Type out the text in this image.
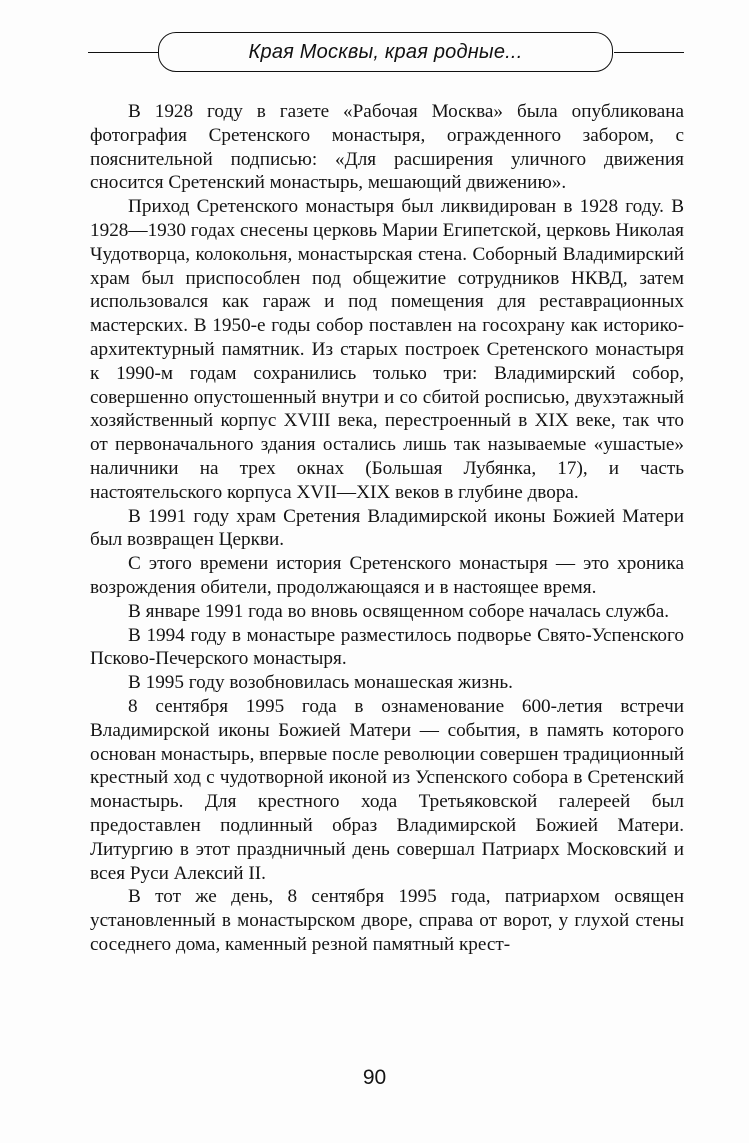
Края Москвы, края родные...

В 1928 году в газете «Рабочая Москва» была опубликована фотография Сретенского монастыря, огражденного забором, с пояснительной подписью: «Для расширения уличного движения сносится Сретенский монастырь, мешающий движению».

Приход Сретенского монастыря был ликвидирован в 1928 году. В 1928—1930 годах снесены церковь Марии Египетской, церковь Николая Чудотворца, колокольня, монастырская стена. Соборный Владимирский храм был приспособлен под общежитие сотрудников НКВД, затем использовался как гараж и под помещения для реставрационных мастерских. В 1950-е годы собор поставлен на госохрану как историко-архитектурный памятник. Из старых построек Сретенского монастыря к 1990-м годам сохранились только три: Владимирский собор, совершенно опустошенный внутри и со сбитой росписью, двухэтажный хозяйственный корпус XVIII века, перестроенный в XIX веке, так что от первоначального здания остались лишь так называемые «ушастые» наличники на трех окнах (Большая Лубянка, 17), и часть настоятельского корпуса XVII—XIX веков в глубине двора.

В 1991 году храм Сретения Владимирской иконы Божией Матери был возвращен Церкви.

С этого времени история Сретенского монастыря — это хроника возрождения обители, продолжающаяся и в настоящее время.

В январе 1991 года во вновь освященном соборе началась служба.

В 1994 году в монастыре разместилось подворье Свято-Успенского Псково-Печерского монастыря.

В 1995 году возобновилась монашеская жизнь.

8 сентября 1995 года в ознаменование 600-летия встречи Владимирской иконы Божией Матери — события, в память которого основан монастырь, впервые после революции совершен традиционный крестный ход с чудотворной иконой из Успенского собора в Сретенский монастырь. Для крестного хода Третьяковской галереей был предоставлен подлинный образ Владимирской Божией Матери. Литургию в этот праздничный день совершал Патриарх Московский и всея Руси Алексий II.

В тот же день, 8 сентября 1995 года, патриархом освящен установленный в монастырском дворе, справа от ворот, у глухой стены соседнего дома, каменный резной памятный крест-

90
